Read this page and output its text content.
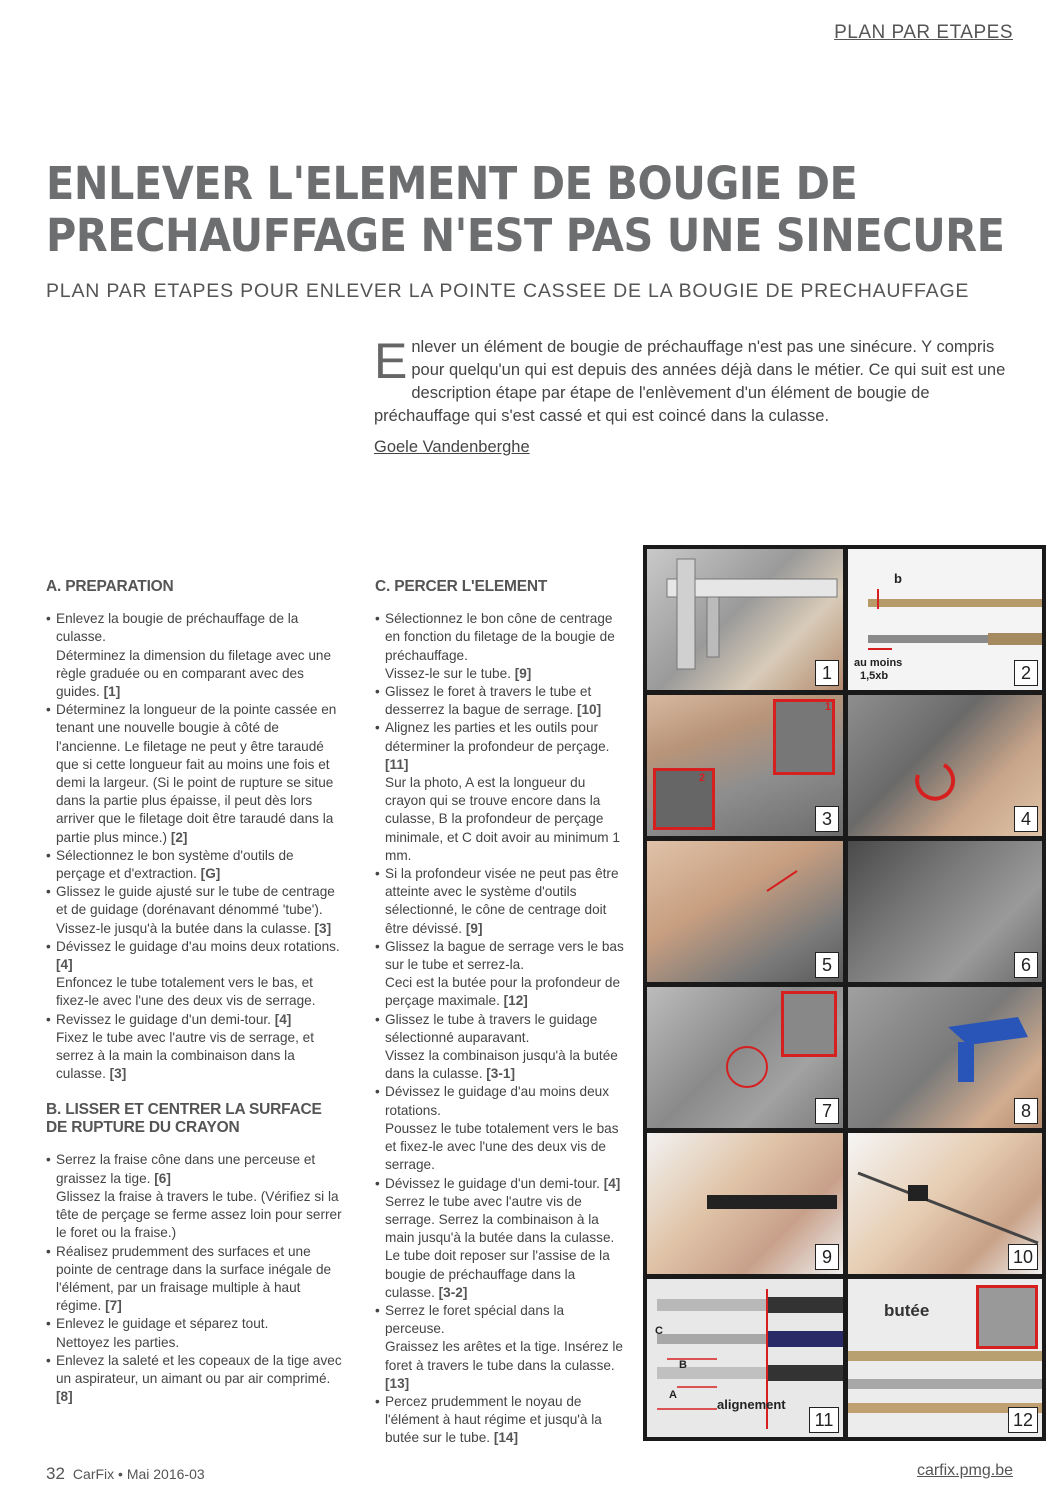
PLAN PAR ETAPES
ENLEVER L'ELEMENT DE BOUGIE DE
PRECHAUFFAGE N'EST PAS UNE SINECURE
PLAN PAR ETAPES POUR ENLEVER LA POINTE CASSEE DE LA BOUGIE DE PRECHAUFFAGE
Enlever un élément de bougie de préchauffage n'est pas une sinécure. Y compris pour quelqu'un qui est depuis des années déjà dans le métier. Ce qui suit est une description étape par étape de l'enlèvement d'un élément de bougie de préchauffage qui s'est cassé et qui est coincé dans la culasse.
Goele Vandenberghe
A. PREPARATION

• Enlevez la bougie de préchauffage de la culasse.

Déterminez la dimension du filetage avec une règle graduée ou en comparant avec des guides. [1]

• Déterminez la longueur de la pointe cassée en tenant une nouvelle bougie à côté de l'ancienne. Le filetage ne peut y être taraudé que si cette longueur fait au moins une fois et demi la largeur. (Si le point de rupture se situe dans la partie plus épaisse, il peut dès lors arriver que le filetage doit être taraudé dans la partie plus mince.) [2]

• Sélectionnez le bon système d'outils de perçage et d'extraction. [G]

• Glissez le guide ajusté sur le tube de centrage et de guidage (dorénavant dénommé 'tube').

Vissez-le jusqu'à la butée dans la culasse. [3]

• Dévissez le guidage d'au moins deux rotations. [4]

Enfoncez le tube totalement vers le bas, et fixez-le avec l'une des deux vis de serrage.

• Revissez le guidage d'un demi-tour. [4]

Fixez le tube avec l'autre vis de serrage, et serrez à la main la combinaison dans la culasse. [3]

B. LISSER ET CENTRER LA SURFACE
DE RUPTURE DU CRAYON

• Serrez la fraise cône dans une perceuse et graissez la tige. [6]

Glissez la fraise à travers le tube. (Vérifiez si la tête de perçage se ferme assez loin pour serrer le foret ou la fraise.)

• Réalisez prudemment des surfaces et une pointe de centrage dans la surface inégale de l'élément, par un fraisage multiple à haut régime. [7]

• Enlevez le guidage et séparez tout.

Nettoyez les parties.

• Enlevez la saleté et les copeaux de la tige avec un aspirateur, un aimant ou par air comprimé. [8]

C. PERCER L'ELEMENT

• Sélectionnez le bon cône de centrage en fonction du filetage de la bougie de préchauffage.

Vissez-le sur le tube. [9]

• Glissez le foret à travers le tube et desserrez la bague de serrage. [10]

• Alignez les parties et les outils pour déterminer la profondeur de perçage. [11]

Sur la photo, A est la longueur du crayon qui se trouve encore dans la culasse, B la profondeur de perçage minimale, et C doit avoir au minimum 1 mm.

• Si la profondeur visée ne peut pas être atteinte avec le système d'outils sélectionné, le cône de centrage doit être dévissé. [9]

• Glissez la bague de serrage vers le bas sur le tube et serrez-la.

Ceci est la butée pour la profondeur de perçage maximale. [12]

• Glissez le tube à travers le guidage sélectionné auparavant.

Vissez la combinaison jusqu'à la butée dans la culasse. [3-1]

• Dévissez le guidage d'au moins deux rotations.

Poussez le tube totalement vers le bas et fixez-le avec l'une des deux vis de serrage.

• Dévissez le guidage d'un demi-tour. [4] Serrez le tube avec l'autre vis de serrage. Serrez la combinaison à la main jusqu'à la butée dans la culasse. Le tube doit reposer sur l'assise de la bougie de préchauffage dans la culasse. [3-2]

• Serrez le foret spécial dans la perceuse.

Graissez les arêtes et la tige. Insérez le foret à travers le tube dans la culasse. [13]

• Percez prudemment le noyau de l'élément à haut régime et jusqu'à la butée sur le tube. [14]

1
b
au moins
1,5xb	2
1
2
3	4
5	6
7	8
9	10
C
B
A
alignement
11
butée
12
32 CarFix • Mai 2016-03	carfix.pmg.be
